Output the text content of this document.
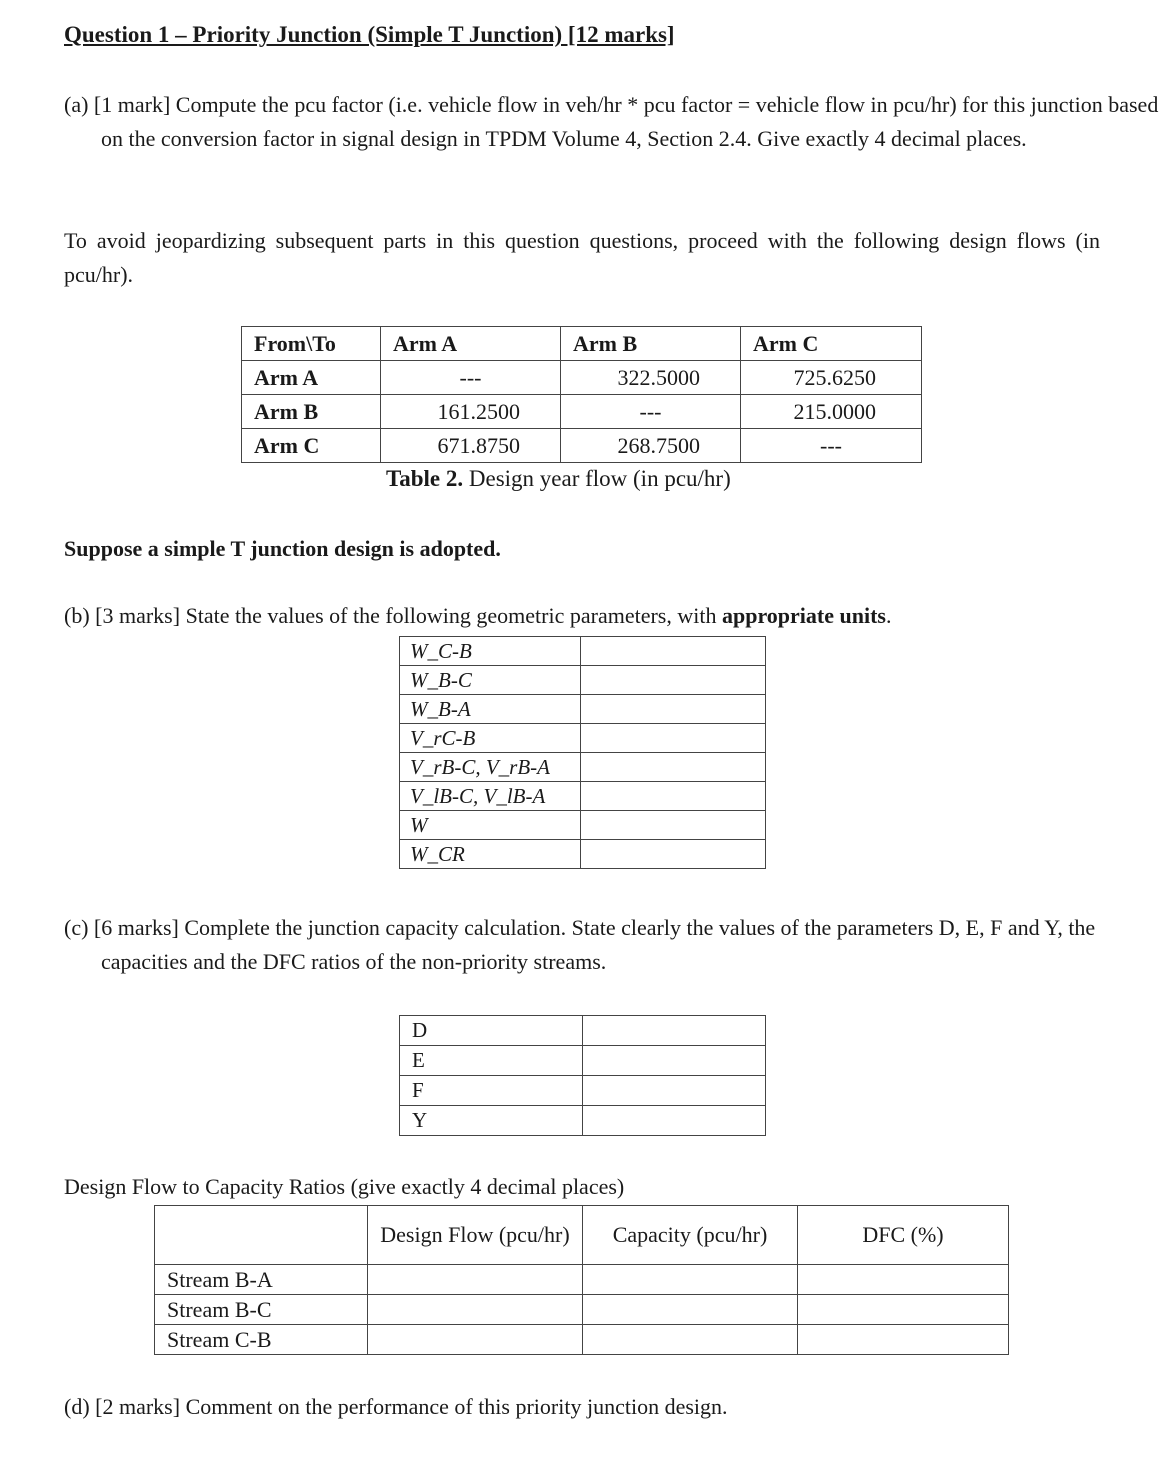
Question 1 – Priority Junction (Simple T Junction) [12 marks]
(a) [1 mark] Compute the pcu factor (i.e. vehicle flow in veh/hr * pcu factor = vehicle flow in pcu/hr) for this junction based on the conversion factor in signal design in TPDM Volume 4, Section 2.4. Give exactly 4 decimal places.
To avoid jeopardizing subsequent parts in this question questions, proceed with the following design flows (in pcu/hr).
From\To	Arm A	Arm B	Arm C
Arm A	---	322.5000	725.6250
Arm B	161.2500	---	215.0000
Arm C	671.8750	268.7500	---
Table 2. Design year flow (in pcu/hr)
Suppose a simple T junction design is adopted.
(b) [3 marks] State the values of the following geometric parameters, with appropriate units.
W_C-B	
W_B-C	
W_B-A	
V_rC-B	
V_rB-C, V_rB-A	
V_lB-C, V_lB-A	
W	
W_CR	
(c) [6 marks] Complete the junction capacity calculation. State clearly the values of the parameters D, E, F and Y, the capacities and the DFC ratios of the non-priority streams.
D	
E	
F	
Y	
Design Flow to Capacity Ratios (give exactly 4 decimal places)
	Design Flow (pcu/hr)	Capacity (pcu/hr)	DFC (%)
Stream B-A			
Stream B-C			
Stream C-B			
(d) [2 marks] Comment on the performance of this priority junction design.
